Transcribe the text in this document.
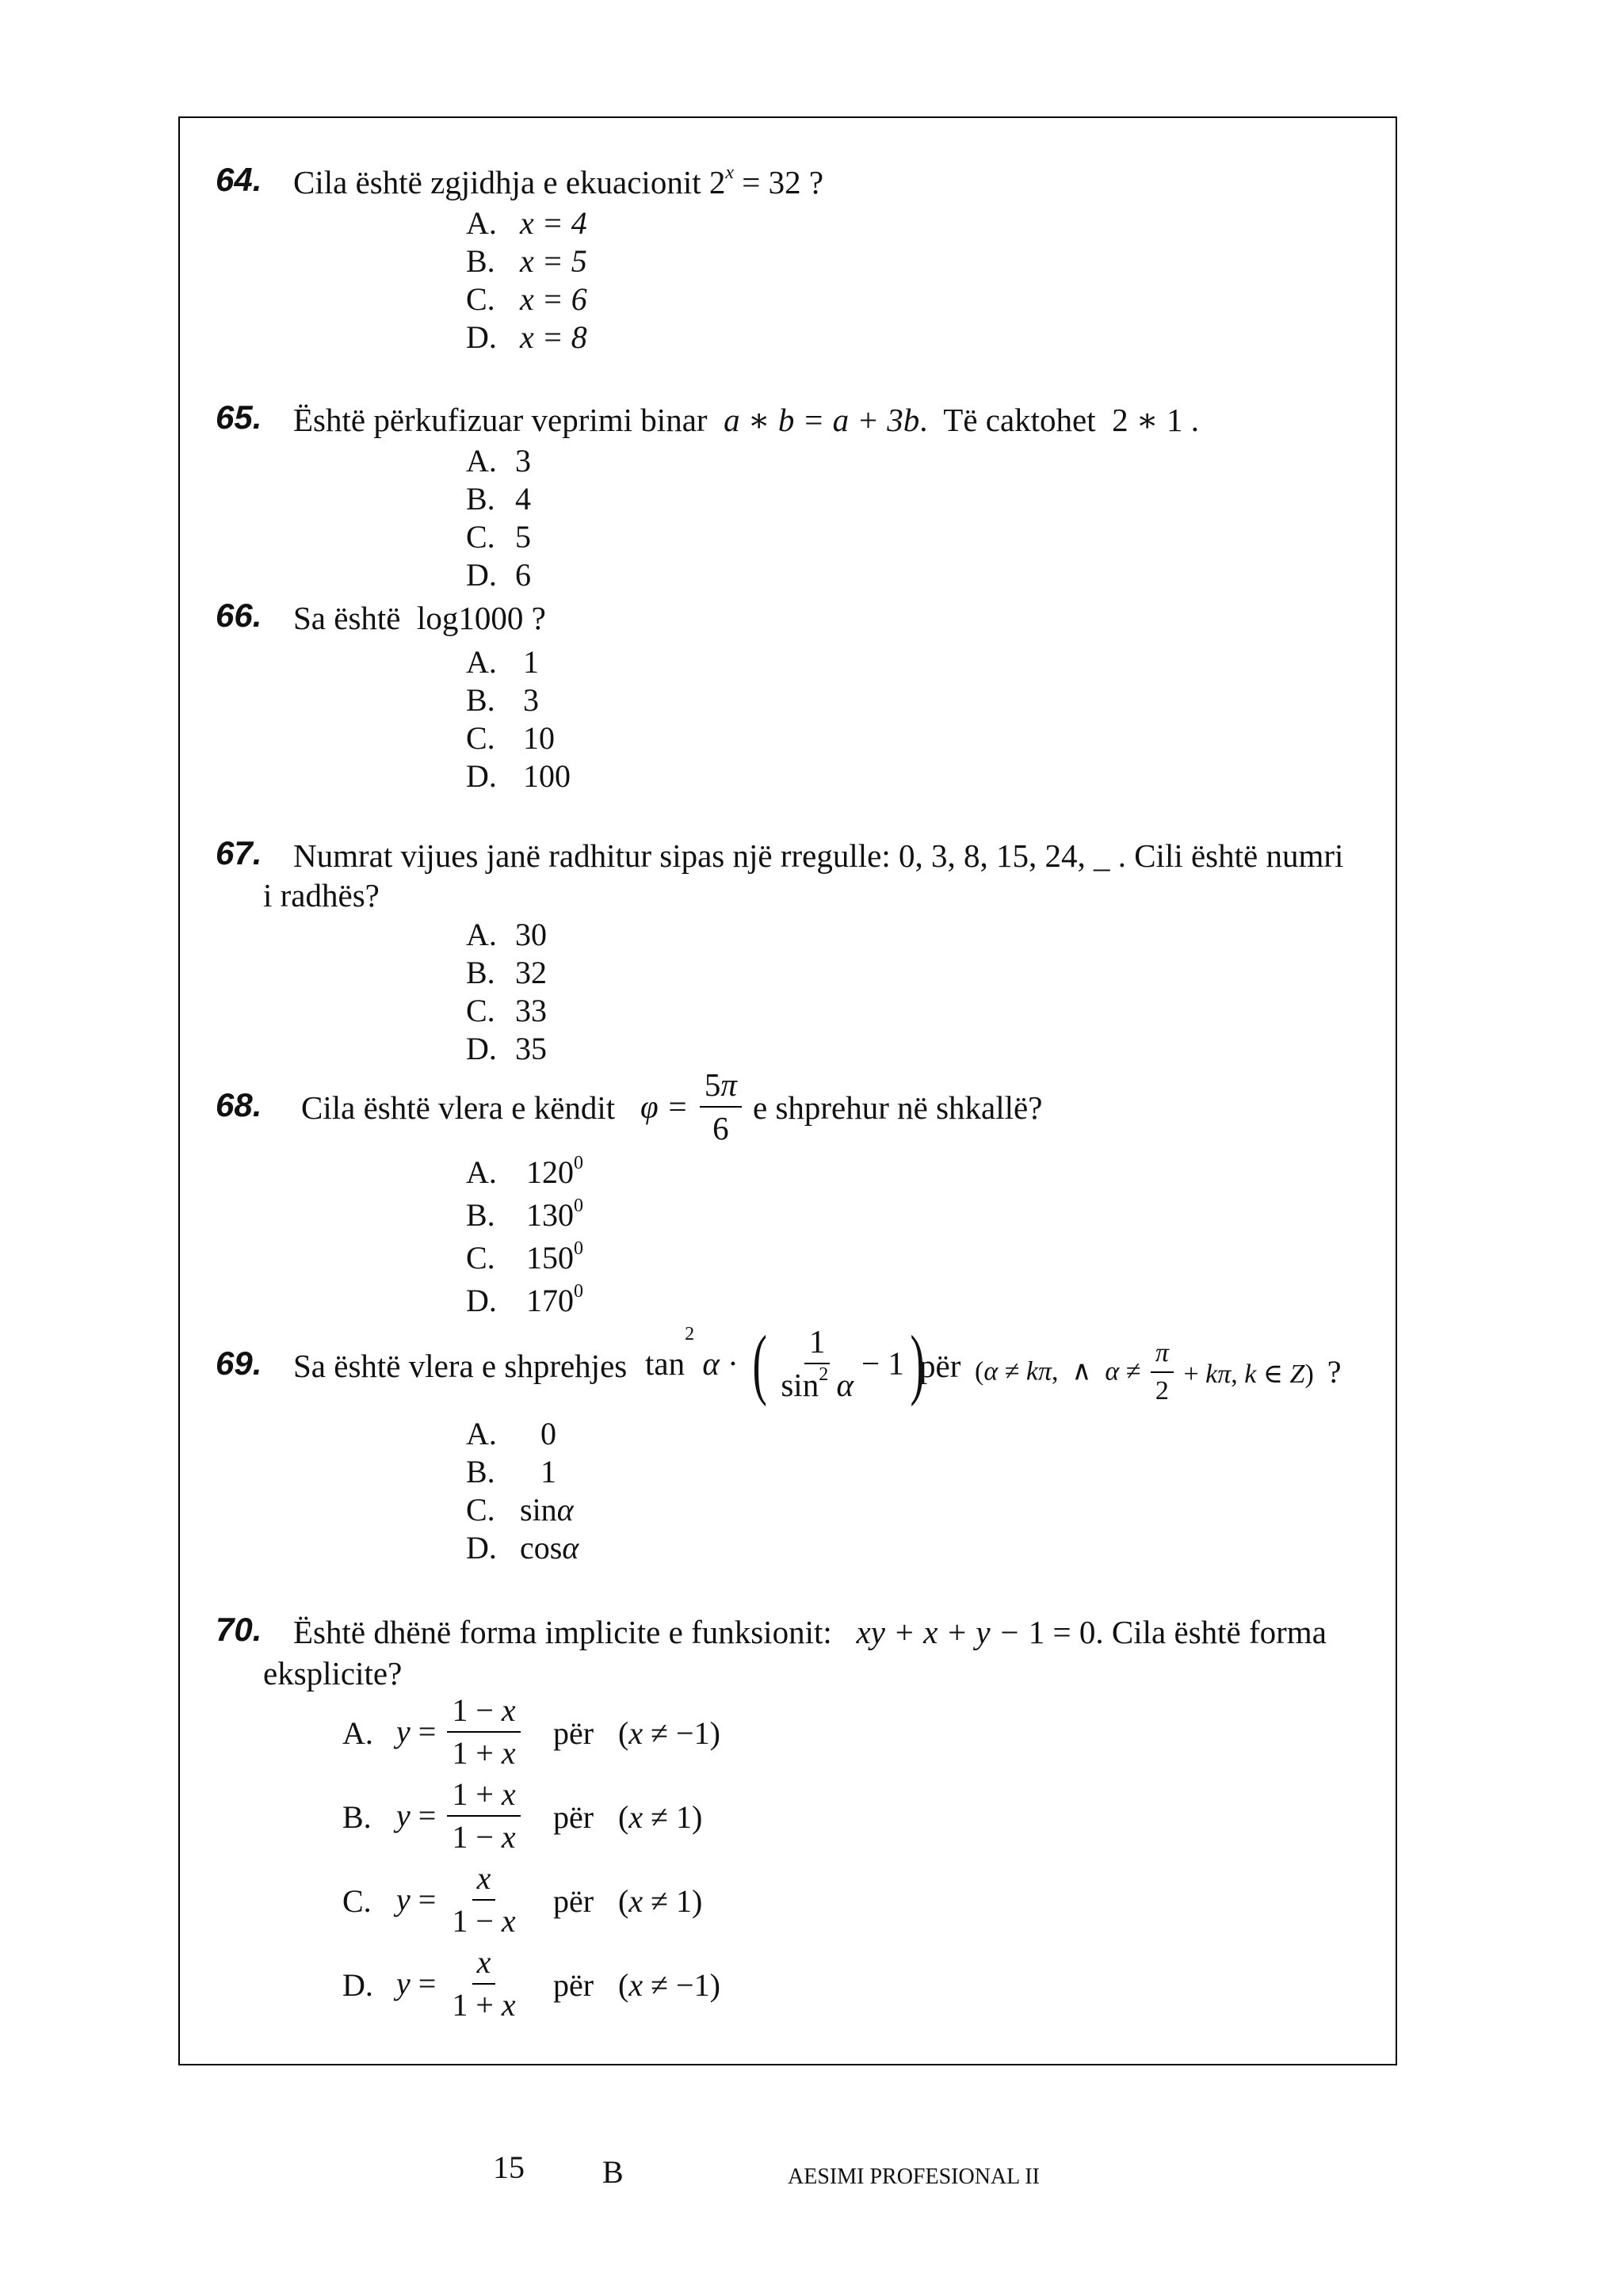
64. Cila është zgjidhja e ekuacionit $2^x = 32$ ?
A. x = 4
B. x = 5
C. x = 6
D. x = 8
65. Është përkufizuar veprimi binar  a ∗ b = a + 3b.  Të caktohet  2 ∗ 1 .
A. 3
B. 4
C. 5
D. 6
66. Sa është log1000 ?
A. 1
B. 3
C. 10
D. 100
67. Numrat vijues janë radhitur sipas një rregulle: 0, 3, 8, 15, 24, _ . Cili është numri
i radhës?
A. 30
B. 32
C. 33
D. 35
68. Cila është vlera e këndit $\varphi = \frac{5\pi}{6}$ e shprehur në shkallë?
A. $120^0$
B. $130^0$
C. $150^0$
D. $170^0$
69. Sa është vlera e shprehjes $\tan^2 \alpha$ · ( $\frac{1}{\sin^2 \alpha} - 1$)
për (α ≠ kπ,  ∧  $\alpha \ne \frac{\pi}{2} + k\pi$, k ∈ Z)  ?
A. 0
B. 1
C. sinα
D. cosα
70. Është dhënë forma implicite e funksionit:   xy + x + y − 1 = 0. Cila është forma
eksplicite?
A. $y = \frac{1 - x}{1 + x}$ për (x ≠ −1)
B. $y = \frac{1 + x}{1 - x}$ për (x ≠ 1)
C. $y = \frac{x}{1 - x}$ për (x ≠ 1)
D. $y = \frac{x}{1 + x}$ për (x ≠ −1)
15 B	AESIMI PROFESIONAL II
